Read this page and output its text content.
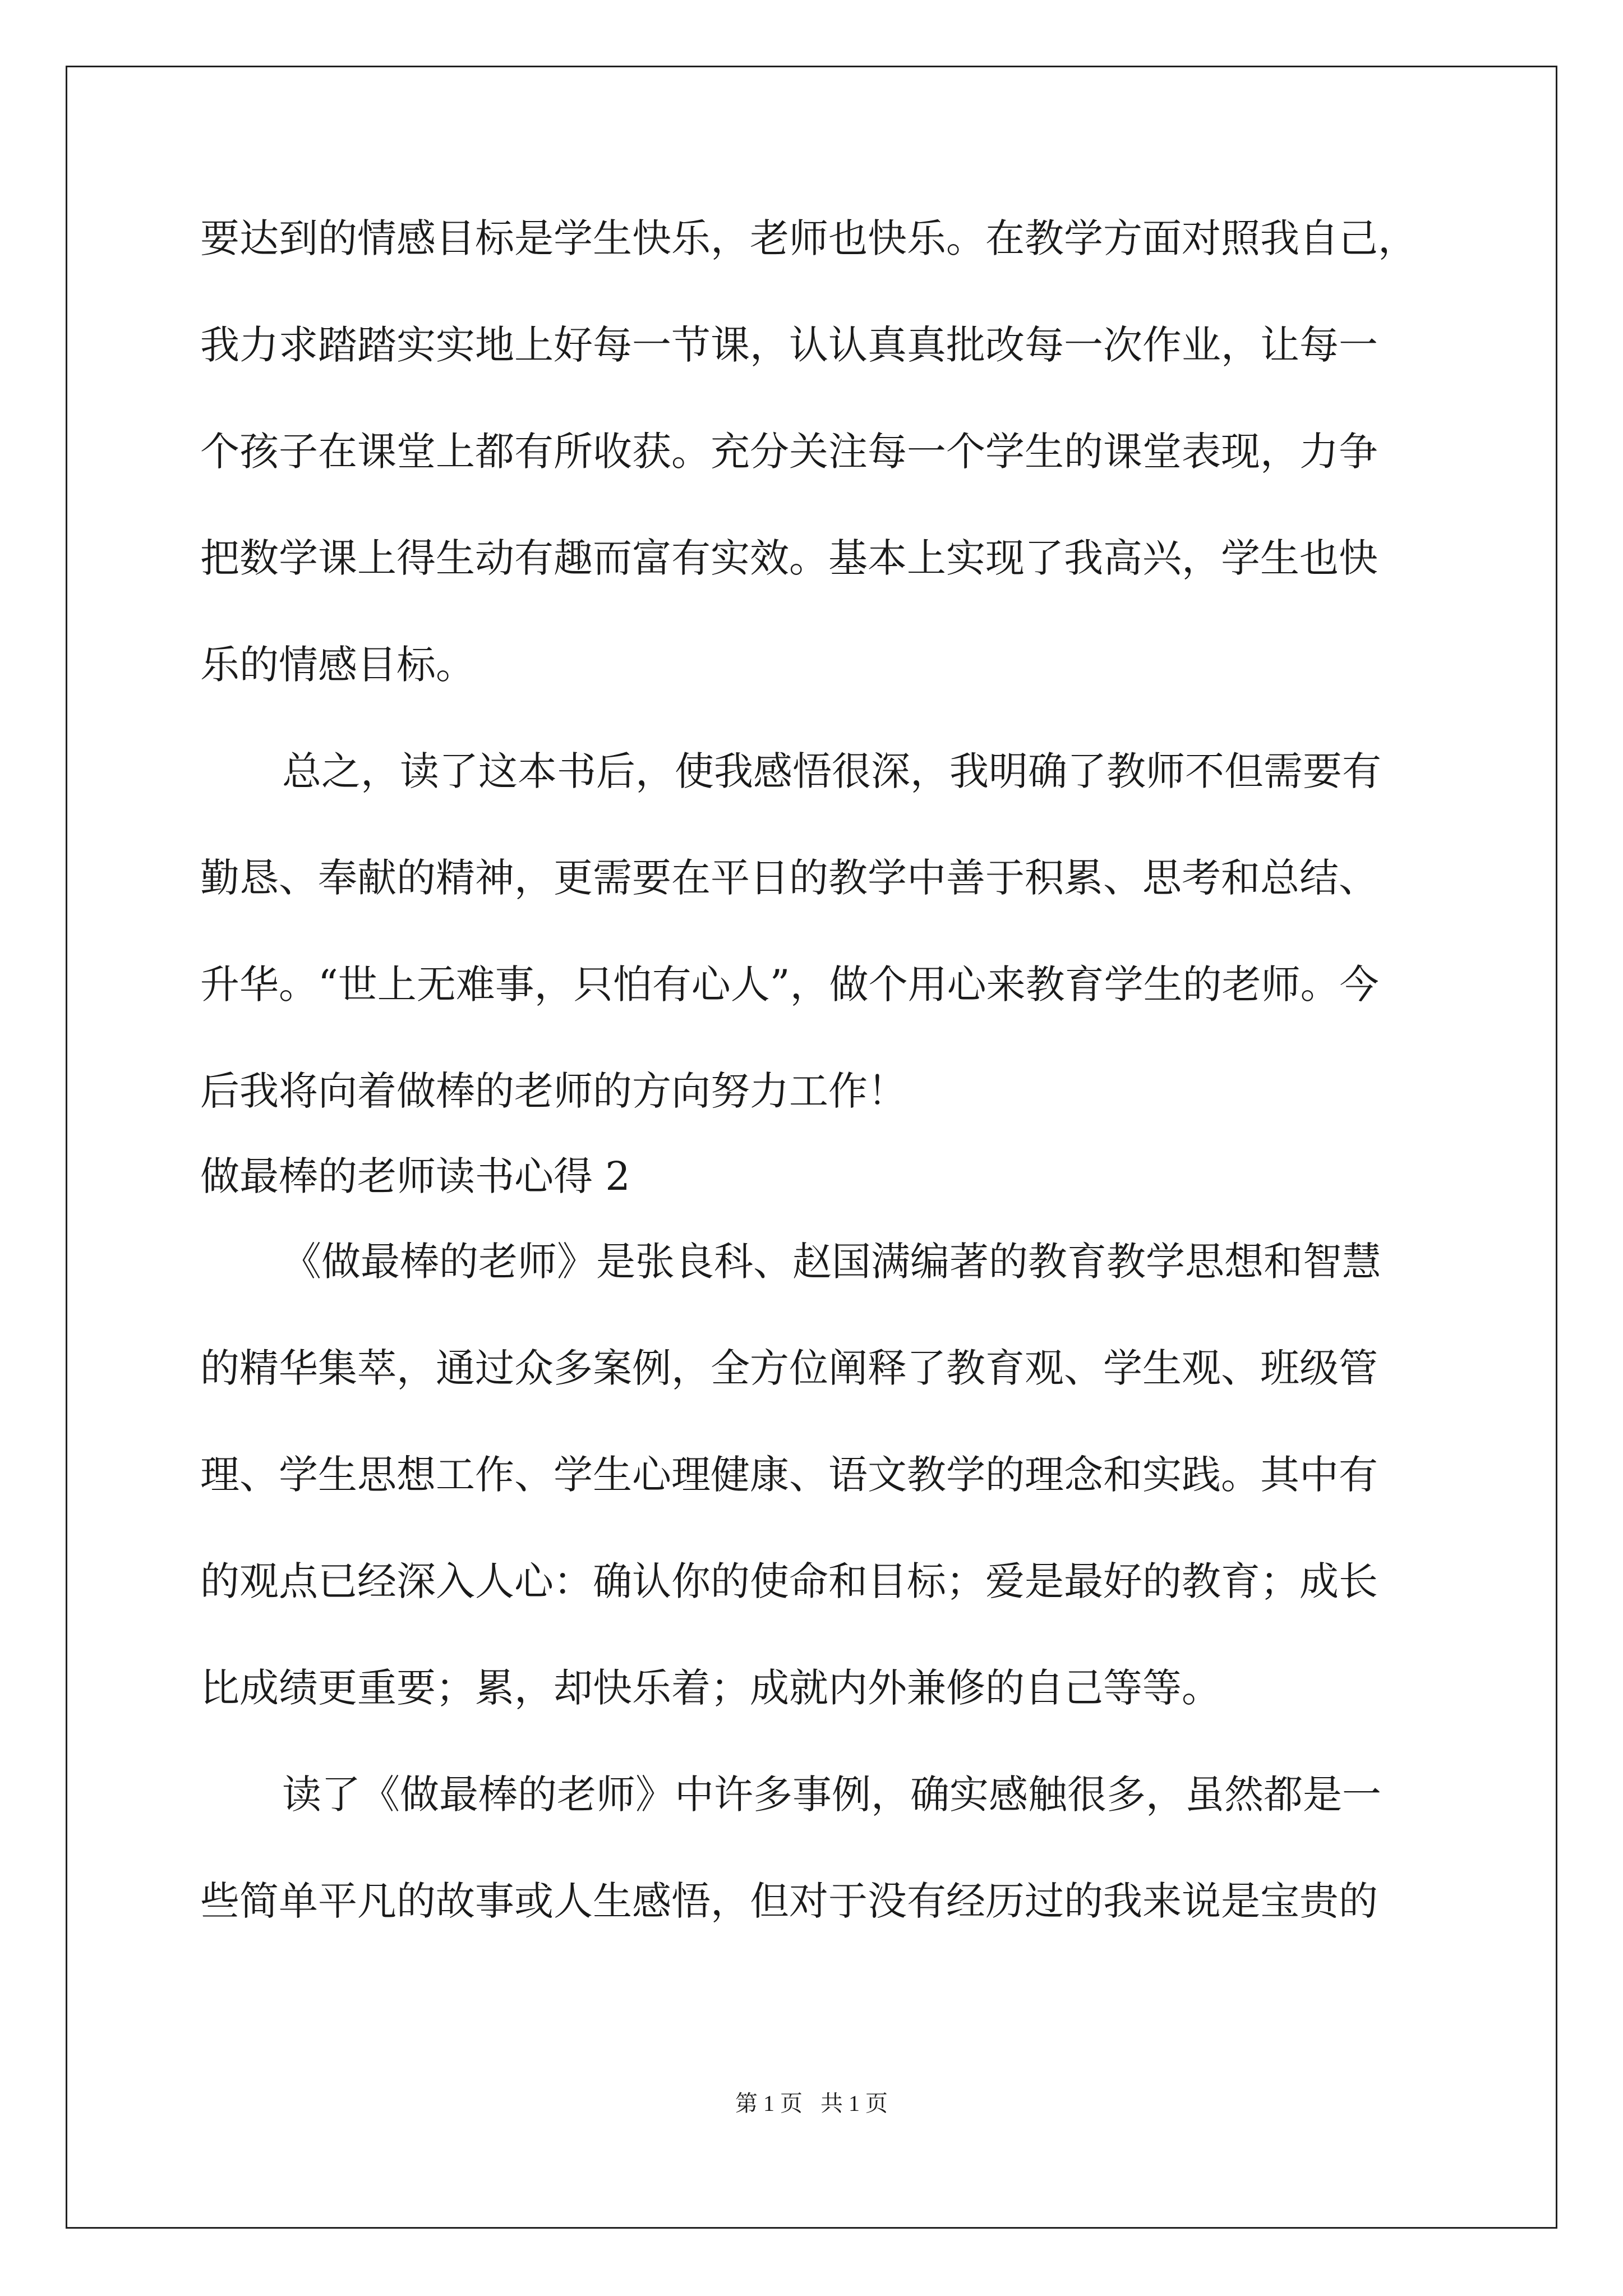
要达到的情感目标是学生快乐，老师也快乐。在教学方面对照我自己，
我力求踏踏实实地上好每一节课，认认真真批改每一次作业，让每一
个孩子在课堂上都有所收获。充分关注每一个学生的课堂表现，力争
把数学课上得生动有趣而富有实效。基本上实现了我高兴，学生也快
乐的情感目标。
总之，读了这本书后，使我感悟很深，我明确了教师不但需要有
勤恳、奉献的精神，更需要在平日的教学中善于积累、思考和总结、
升华。“世上无难事，只怕有心人”，做个用心来教育学生的老师。今
后我将向着做棒的老师的方向努力工作！
做最棒的老师读书心得 2
《做最棒的老师》是张良科、赵国满编著的教育教学思想和智慧
的精华集萃，通过众多案例，全方位阐释了教育观、学生观、班级管
理、学生思想工作、学生心理健康、语文教学的理念和实践。其中有
的观点已经深入人心：确认你的使命和目标；爱是最好的教育；成长
比成绩更重要；累，却快乐着；成就内外兼修的自己等等。
读了《做最棒的老师》中许多事例，确实感触很多，虽然都是一
些简单平凡的故事或人生感悟，但对于没有经历过的我来说是宝贵的
第 1 页 共 1 页
